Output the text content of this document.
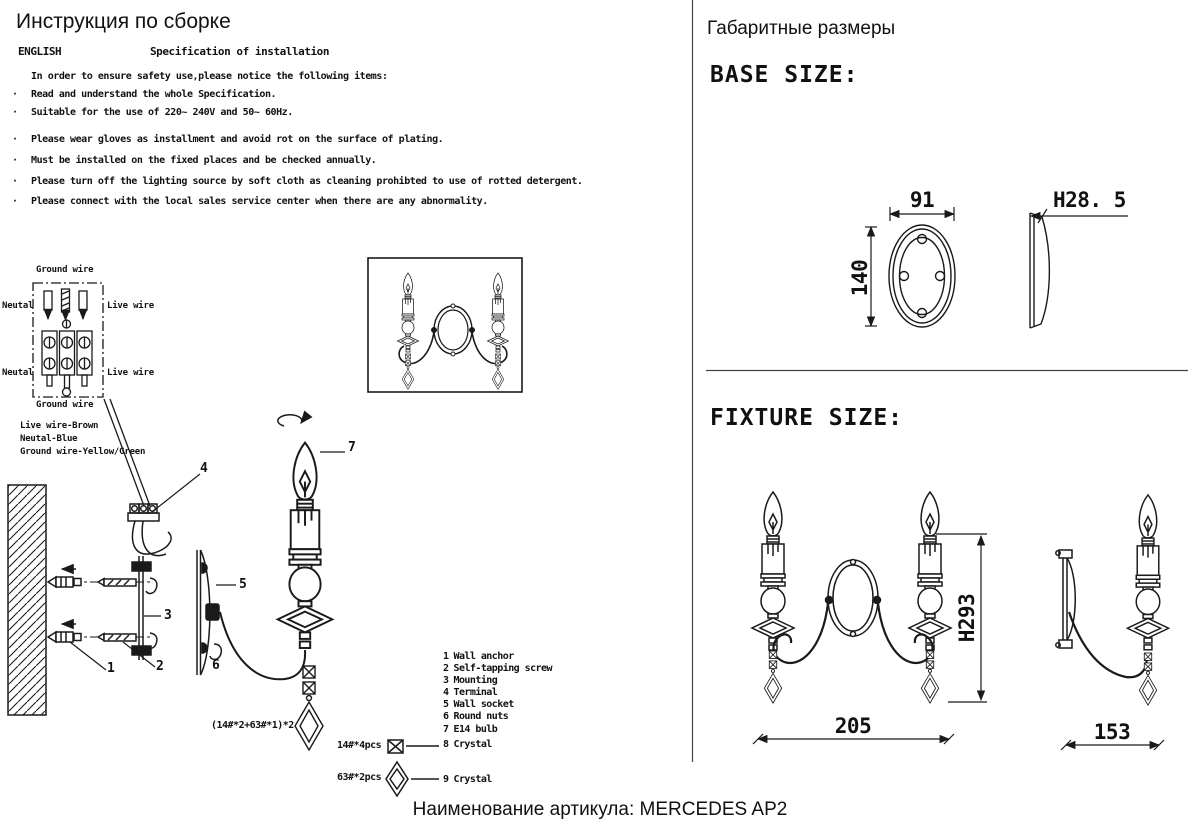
Инструкция по сборке
ENGLISH	Specification of installation
In order to ensure safety use,please notice the following items:
· Read and understand the whole Specification.
· Suitable for the use of 220~ 240V and 50~ 60Hz.
· Please wear gloves as installment and avoid rot on the surface of plating.
· Must be installed on the fixed places and be checked annually.
· Please turn off the lighting source by soft cloth as cleaning prohibted to use of rotted detergent.
· Please connect with the local sales service center when there are any abnormality.
Ground wire
Neutal	Live wire
Neutal	Live wire
Ground wire
Live wire-Brown
Neutal-Blue
Ground wire-Yellow/Green
1	2
3
4
5
6
7
(14#*2+63#*1)*2
14#*4pcs
63#*2pcs
1 Wall anchor
2 Self-tapping screw
3 Mounting
4 Terminal
5 Wall socket
6 Round nuts
7 E14 bulb
8 Crystal
9 Crystal
Габаритные размеры
BASE SIZE:
FIXTURE SIZE:
91
140
H28. 5
H293
205	153
Наименование артикула: MERCEDES AP2
